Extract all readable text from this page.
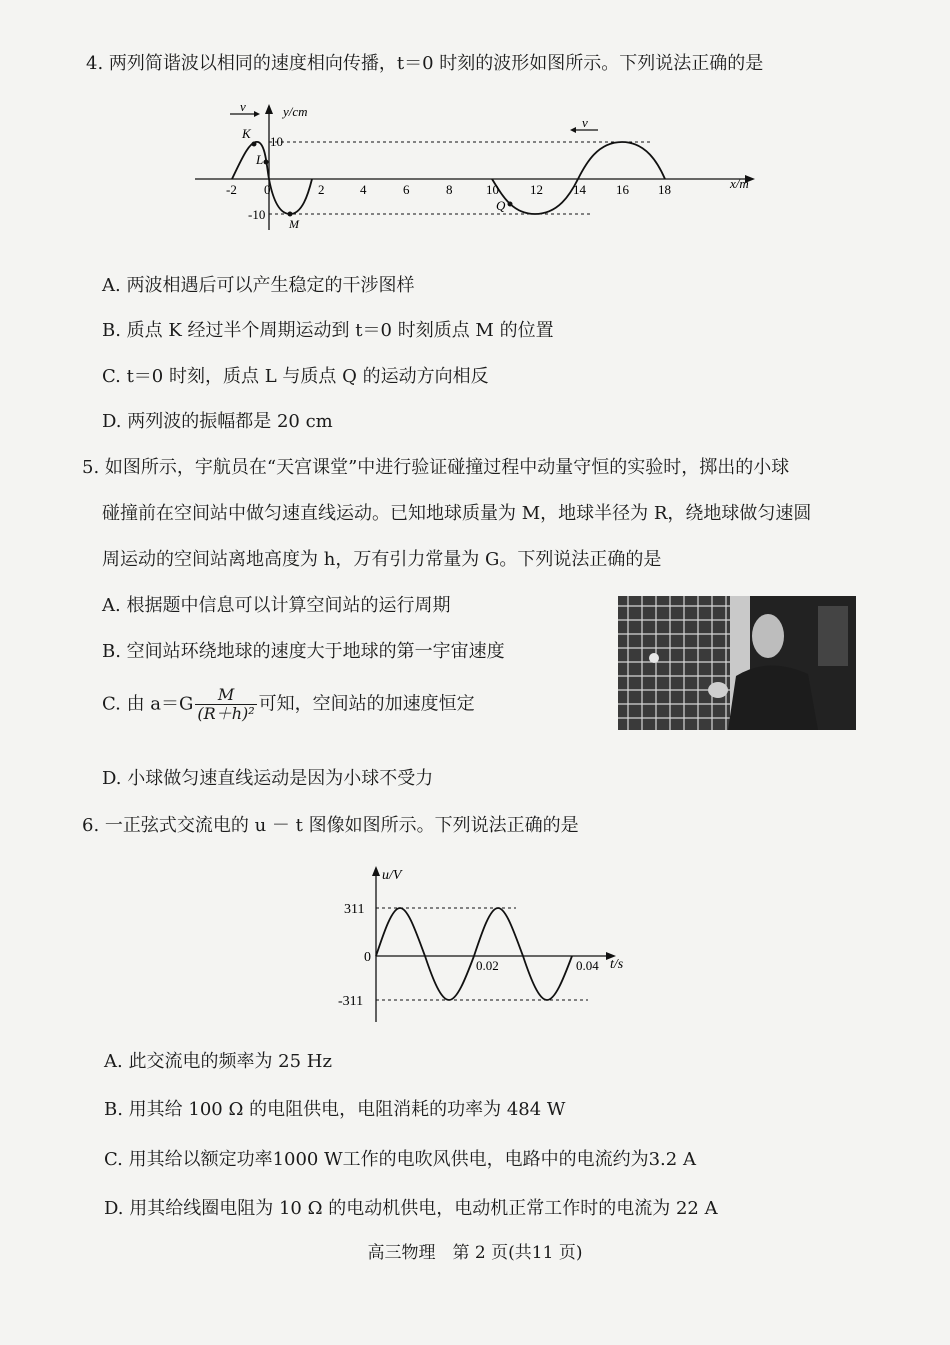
4. 两列简谐波以相同的速度相向传播，t＝0 时刻的波形如图所示。下列说法正确的是
y/cm
x/m
-2 0	2	4	6	8	10 12 14 16 18
10
-10
K
L
M
Q
v
v
A. 两波相遇后可以产生稳定的干涉图样
B. 质点 K 经过半个周期运动到 t＝0 时刻质点 M 的位置
C. t＝0 时刻，质点 L 与质点 Q 的运动方向相反
D. 两列波的振幅都是 20 cm
5. 如图所示，宇航员在“天宫课堂”中进行验证碰撞过程中动量守恒的实验时，掷出的小球
碰撞前在空间站中做匀速直线运动。已知地球质量为 M，地球半径为 R，绕地球做匀速圆
周运动的空间站离地高度为 h，万有引力常量为 G。下列说法正确的是
A. 根据题中信息可以计算空间站的运行周期
B. 空间站环绕地球的速度大于地球的第一宇宙速度
C. 由 $a=G \frac{M}{\text{(R＋h)²}}$ 可知，空间站的加速度恒定
D. 小球做匀速直线运动是因为小球不受力
6. 一正弦式交流电的 u － t 图像如图所示。下列说法正确的是
u/V
t/s
311
0
-311
0.02	0.04
A. 此交流电的频率为 25 Hz
B. 用其给 100 Ω 的电阻供电，电阻消耗的功率为 484 W
C. 用其给以额定功率1000 W工作的电吹风供电，电路中的电流约为3.2 A
D. 用其给线圈电阻为 10 Ω 的电动机供电，电动机正常工作时的电流为 22 A
高三物理　第 2 页(共11 页)
